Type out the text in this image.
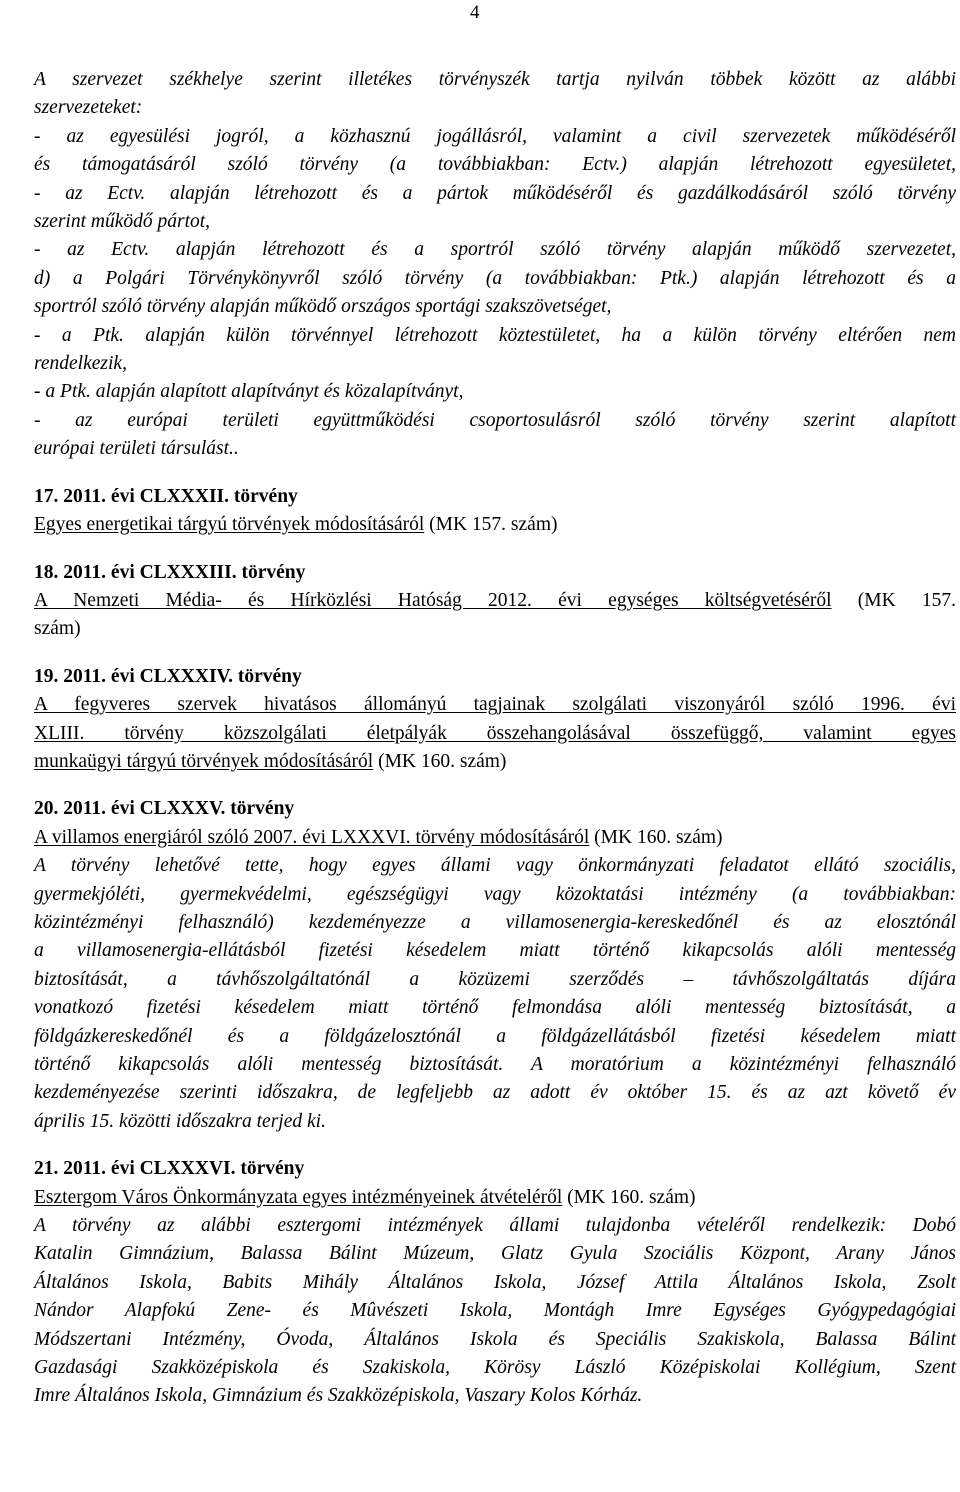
4

A szervezet székhelye szerint illetékes törvényszék tartja nyilván többek között az alábbi

szervezeteket:

- az egyesülési jogról, a közhasznú jogállásról, valamint a civil szervezetek működéséről

és támogatásáról szóló törvény (a továbbiakban: Ectv.) alapján létrehozott egyesületet,

- az Ectv. alapján létrehozott és a pártok működéséről és gazdálkodásáról szóló törvény

szerint működő pártot,

- az Ectv. alapján létrehozott és a sportról szóló törvény alapján működő szervezetet,

d) a Polgári Törvénykönyvről szóló törvény (a továbbiakban: Ptk.) alapján létrehozott és a

sportról szóló törvény alapján működő országos sportági szakszövetséget,

- a Ptk. alapján külön törvénnyel létrehozott köztestületet, ha a külön törvény eltérően nem

rendelkezik,

- a Ptk. alapján alapított alapítványt és közalapítványt,

- az európai területi együttműködési csoportosulásról szóló törvény szerint alapított

európai területi társulást..

17. 2011. évi CLXXXII. törvény

Egyes energetikai tárgyú törvények módosításáról (MK 157. szám)

18. 2011. évi CLXXXIII. törvény

A Nemzeti Média- és Hírközlési Hatóság 2012. évi egységes költségvetéséről (MK 157.

szám)

19. 2011. évi CLXXXIV. törvény

A fegyveres szervek hivatásos állományú tagjainak szolgálati viszonyáról szóló 1996. évi

XLIII. törvény közszolgálati életpályák összehangolásával összefüggő, valamint egyes

munkaügyi tárgyú törvények módosításáról (MK 160. szám)

20. 2011. évi CLXXXV. törvény

A villamos energiáról szóló 2007. évi LXXXVI. törvény módosításáról (MK 160. szám)

A törvény lehetővé tette, hogy egyes állami vagy önkormányzati feladatot ellátó szociális,

gyermekjóléti, gyermekvédelmi, egészségügyi vagy közoktatási intézmény (a továbbiakban:

közintézményi felhasználó) kezdeményezze a villamosenergia-kereskedőnél és az elosztónál

a villamosenergia-ellátásból fizetési késedelem miatt történő kikapcsolás alóli mentesség

biztosítását, a távhőszolgáltatónál a közüzemi szerződés – távhőszolgáltatás díjára

vonatkozó fizetési késedelem miatt történő felmondása alóli mentesség biztosítását, a

földgázkereskedőnél és a földgázelosztónál a földgázellátásból fizetési késedelem miatt

történő kikapcsolás alóli mentesség biztosítását. A moratórium a közintézményi felhasználó

kezdeményezése szerinti időszakra, de legfeljebb az adott év október 15. és az azt követő év

április 15. közötti időszakra terjed ki.

21. 2011. évi CLXXXVI. törvény

Esztergom Város Önkormányzata egyes intézményeinek átvételéről (MK 160. szám)

A törvény az alábbi esztergomi intézmények állami tulajdonba vételéről rendelkezik: Dobó

Katalin Gimnázium, Balassa Bálint Múzeum, Glatz Gyula Szociális Központ, Arany János

Általános Iskola, Babits Mihály Általános Iskola, József Attila Általános Iskola, Zsolt

Nándor Alapfokú Zene- és Mûvészeti Iskola, Montágh Imre Egységes Gyógypedagógiai

Módszertani Intézmény, Óvoda, Általános Iskola és Speciális Szakiskola, Balassa Bálint

Gazdasági Szakközépiskola és Szakiskola, Körösy László Középiskolai Kollégium, Szent

Imre Általános Iskola, Gimnázium és Szakközépiskola, Vaszary Kolos Kórház.
